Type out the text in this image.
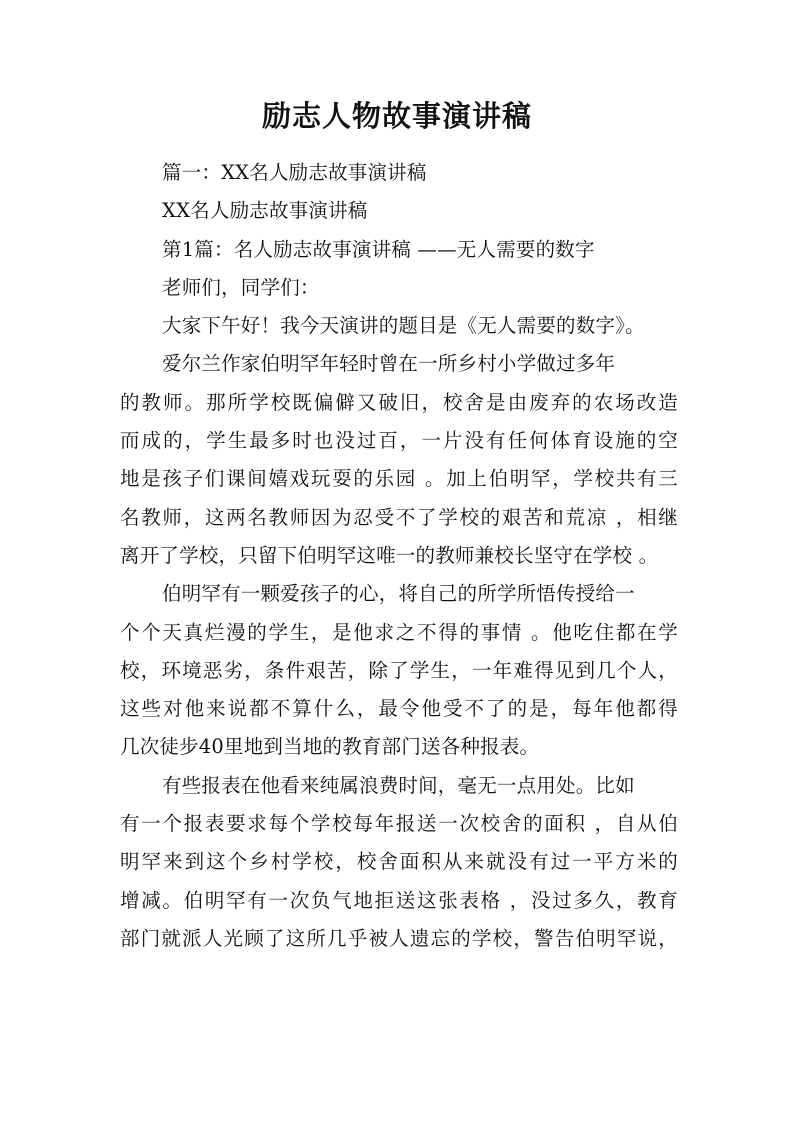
励志人物故事演讲稿
篇一：XX名人励志故事演讲稿
XX名人励志故事演讲稿
第1篇：名人励志故事演讲稿 ——无人需要的数字
老师们，同学们：
大家下午好！我今天演讲的题目是《无人需要的数字》。
爱尔兰作家伯明罕年轻时曾在一所乡村小学做过多年
的教师。那所学校既偏僻又破旧，校舍是由废弃的农场改造
而成的，学生最多时也没过百，一片没有任何体育设施的空
地是孩子们课间嬉戏玩耍的乐园 。加上伯明罕，学校共有三
名教师，这两名教师因为忍受不了学校的艰苦和荒凉 ，相继
离开了学校，只留下伯明罕这唯一的教师兼校长坚守在学校 。
伯明罕有一颗爱孩子的心，将自己的所学所悟传授给一
个个天真烂漫的学生，是他求之不得的事情 。他吃住都在学
校，环境恶劣，条件艰苦，除了学生，一年难得见到几个人，
这些对他来说都不算什么，最令他受不了的是，每年他都得
几次徒步40里地到当地的教育部门送各种报表。
有些报表在他看来纯属浪费时间，毫无一点用处。比如
有一个报表要求每个学校每年报送一次校舍的面积 ，自从伯
明罕来到这个乡村学校，校舍面积从来就没有过一平方米的
增减。伯明罕有一次负气地拒送这张表格 ，没过多久，教育
部门就派人光顾了这所几乎被人遗忘的学校，警告伯明罕说，
